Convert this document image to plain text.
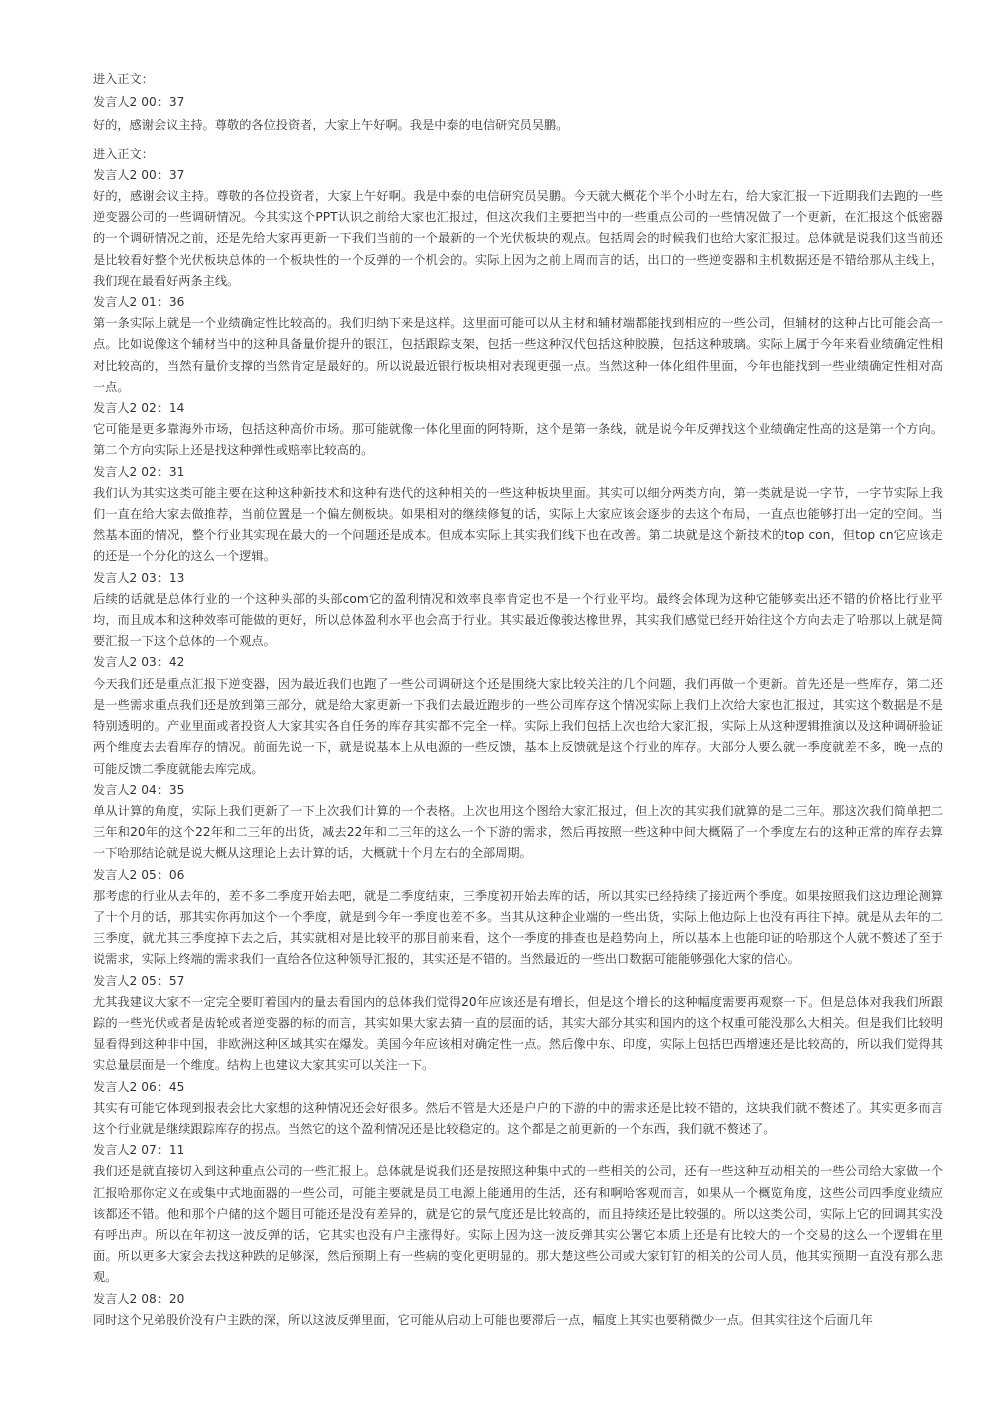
进入正文：
发言人2 00：37
好的，感谢会议主持。尊敬的各位投资者，大家上午好啊。我是中泰的电信研究员吴鹏。
进入正文：
发言人2 00：37
好的，感谢会议主持。尊敬的各位投资者，大家上午好啊。我是中泰的电信研究员吴鹏。今天就大概花个半个小时左右，给大家汇报一下近期我们去跑的一些逆变器公司的一些调研情况。今其实这个PPT认识之前给大家也汇报过，但这次我们主要把当中的一些重点公司的一些情况做了一个更新，在汇报这个低密器的一个调研情况之前，还是先给大家再更新一下我们当前的一个最新的一个光伏板块的观点。包括周会的时候我们也给大家汇报过。总体就是说我们这当前还是比较看好整个光伏板块总体的一个板块性的一个反弹的一个机会的。实际上因为之前上周而言的话，出口的一些逆变器和主机数据还是不错给那从主线上，我们现在最看好两条主线。
发言人2 01：36
第一条实际上就是一个业绩确定性比较高的。我们归纳下来是这样。这里面可能可以从主材和辅材端都能找到相应的一些公司，但辅材的这种占比可能会高一点。比如说像这个辅材当中的这种具备量价提升的银江，包括跟踪支架，包括一些这种汉代包括这种胶膜，包括这种玻璃。实际上属于今年来看业绩确定性相对比较高的，当然有量价支撑的当然肯定是最好的。所以说最近银行板块相对表现更强一点。当然这种一体化组件里面，今年也能找到一些业绩确定性相对高一点。
发言人2 02：14
它可能是更多靠海外市场，包括这种高价市场。那可能就像一体化里面的阿特斯，这个是第一条线，就是说今年反弹找这个业绩确定性高的这是第一个方向。第二个方向实际上还是找这种弹性或赔率比较高的。
发言人2 02：31
我们认为其实这类可能主要在这种这种新技术和这种有迭代的这种相关的一些这种板块里面。其实可以细分两类方向，第一类就是说一字节，一字节实际上我们一直在给大家去做推荐，当前位置是一个偏左侧板块。如果相对的继续修复的话，实际上大家应该会逐步的去这个布局，一直点也能够打出一定的空间。当然基本面的情况，整个行业其实现在最大的一个问题还是成本。但成本实际上其实我们线下也在改善。第二块就是这个新技术的top con，但top cn它应该走的还是一个分化的这么一个逻辑。
发言人2 03：13
后续的话就是总体行业的一个这种头部的头部com它的盈利情况和效率良率肯定也不是一个行业平均。最终会体现为这种它能够卖出还不错的价格比行业平均，而且成本和这种效率可能做的更好，所以总体盈利水平也会高于行业。其实最近像骏达橡世界，其实我们感觉已经开始往这个方向去走了哈那以上就是简要汇报一下这个总体的一个观点。
发言人2 03：42
今天我们还是重点汇报下逆变器，因为最近我们也跑了一些公司调研这个还是围绕大家比较关注的几个问题，我们再做一个更新。首先还是一些库存，第二还是一些需求重点我们还是放到第三部分，就是给大家更新一下我们去最近跑步的一些公司库存这个情况实际上我们上次给大家也汇报过，其实这个数据是不是特别透明的。产业里面或者投资人大家其实各自任务的库存其实都不完全一样。实际上我们包括上次也给大家汇报，实际上从这种逻辑推演以及这种调研验证两个维度去去看库存的情况。前面先说一下，就是说基本上从电源的一些反馈，基本上反馈就是这个行业的库存。大部分人要么就一季度就差不多，晚一点的可能反馈二季度就能去库完成。
发言人2 04：35
单从计算的角度，实际上我们更新了一下上次我们计算的一个表格。上次也用这个图给大家汇报过，但上次的其实我们就算的是二三年。那这次我们简单把二三年和20年的这个22年和二三年的出货，减去22年和二三年的这么一个下游的需求，然后再按照一些这种中间大概隔了一个季度左右的这种正常的库存去算一下哈那结论就是说大概从这理论上去计算的话，大概就十个月左右的全部周期。
发言人2 05：06
那考虑的行业从去年的，差不多二季度开始去吧，就是二季度结束，三季度初开始去库的话，所以其实已经持续了接近两个季度。如果按照我们这边理论测算了十个月的话，那其实你再加这个一个季度，就是到今年一季度也差不多。当其从这种企业端的一些出货，实际上他边际上也没有再往下掉。就是从去年的二三季度，就尤其三季度掉下去之后，其实就相对是比较平的那目前来看，这个一季度的排查也是趋势向上，所以基本上也能印证的哈那这个人就不赘述了至于说需求，实际上终端的需求我们一直给各位这种领导汇报的，其实还是不错的。当然最近的一些出口数据可能能够强化大家的信心。
发言人2 05：57
尤其我建议大家不一定完全要盯着国内的量去看国内的总体我们觉得20年应该还是有增长，但是这个增长的这种幅度需要再观察一下。但是总体对我我们所跟踪的一些光伏或者是齿轮或者逆变器的标的而言，其实如果大家去猜一直的层面的话，其实大部分其实和国内的这个权重可能没那么大相关。但是我们比较明显看得到这种非中国，非欧洲这种区域其实在爆发。美国今年应该相对确定性一点。然后像中东、印度，实际上包括巴西增速还是比较高的，所以我们觉得其实总量层面是一个维度。结构上也建议大家其实可以关注一下。
发言人2 06：45
其实有可能它体现到报表会比大家想的这种情况还会好很多。然后不管是大还是户户的下游的中的需求还是比较不错的，这块我们就不赘述了。其实更多而言这个行业就是继续跟踪库存的拐点。当然它的这个盈利情况还是比较稳定的。这个都是之前更新的一个东西，我们就不赘述了。
发言人2 07：11
我们还是就直接切入到这种重点公司的一些汇报上。总体就是说我们还是按照这种集中式的一些相关的公司，还有一些这种互动相关的一些公司给大家做一个汇报哈那你定义在或集中式地面器的一些公司，可能主要就是员工电源上能通用的生活，还有和啊哈客观而言，如果从一个概览角度，这些公司四季度业绩应该都还不错。他和那个户储的这个题目可能还是没有差异的，就是它的景气度还是比较高的，而且持续还是比较强的。所以这类公司，实际上它的回调其实没有呼出声。所以在年初这一波反弹的话，它其实也没有户主涨得好。实际上因为这一波反弹其实公署它本质上还是有比较大的一个交易的这么一个逻辑在里面。所以更多大家会去找这种跌的足够深，然后预期上有一些病的变化更明显的。那大楚这些公司或大家钉钉的相关的公司人员，他其实预期一直没有那么悲观。
发言人2 08：20
同时这个兄弟股价没有户主跌的深，所以这波反弹里面，它可能从启动上可能也要滞后一点，幅度上其实也要稍微少一点。但其实往这个后面几年
